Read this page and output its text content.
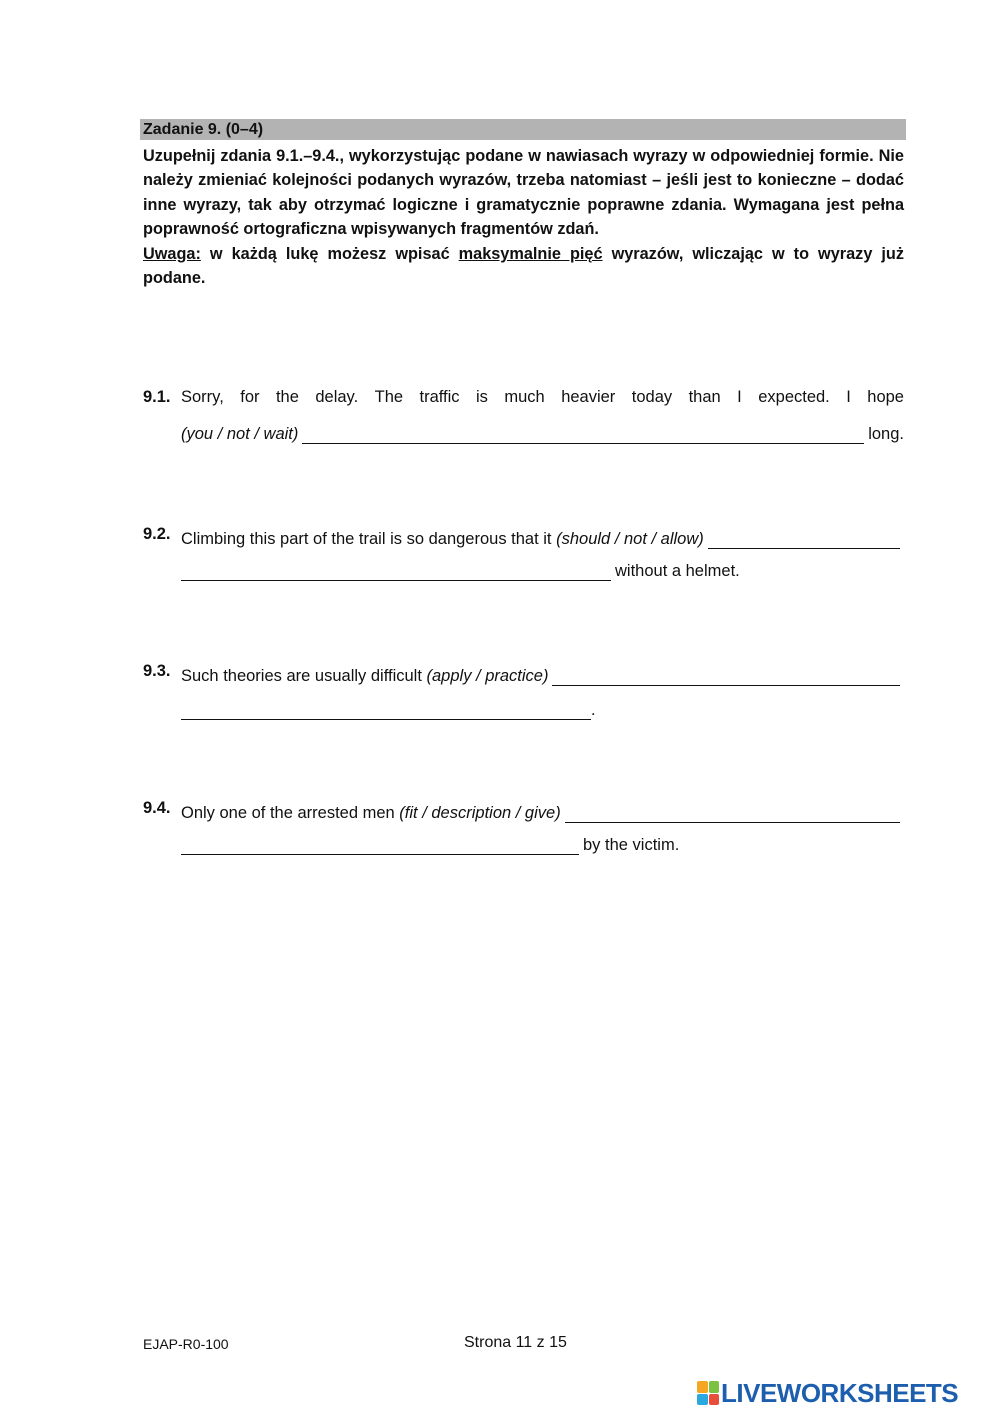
Zadanie 9. (0–4)

Uzupełnij zdania 9.1.–9.4., wykorzystując podane w nawiasach wyrazy w odpowiedniej formie. Nie należy zmieniać kolejności podanych wyrazów, trzeba natomiast – jeśli jest to konieczne – dodać inne wyrazy, tak aby otrzymać logiczne i gramatycznie poprawne zdania. Wymagana jest pełna poprawność ortograficzna wpisywanych fragmentów zdań.

Uwaga: w każdą lukę możesz wpisać maksymalnie pięć wyrazów, wliczając w to wyrazy już podane.

9.1. Sorry, for the delay. The traffic is much heavier today than I expected. I hope
(you / not / wait)	long.
9.2. Climbing this part of the trail is so dangerous that it (should / not / allow)
without a helmet.
9.3. Such theories are usually difficult (apply / practice)
.
9.4. Only one of the arrested men (fit / description / give)
by the victim.
EJAP-R0-100	Strona 11 z 15
LIVEWORKSHEETS
